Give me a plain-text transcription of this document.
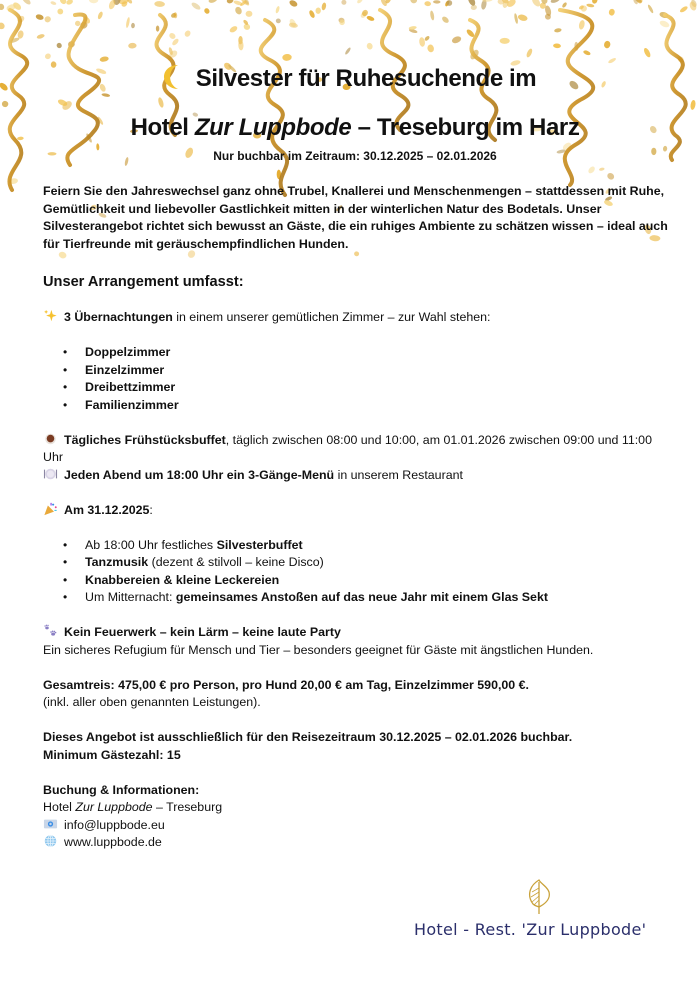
Silvester für Ruhesuchende im
Hotel Zur Luppbode – Treseburg im Harz
Nur buchbar im Zeitraum: 30.12.2025 – 02.01.2026

Feiern Sie den Jahreswechsel ganz ohne Trubel, Knallerei und Menschenmengen – stattdessen mit Ruhe, Gemütlichkeit und liebevoller Gastlichkeit mitten in der winterlichen Natur des Bodetals. Unser Silvesterangebot richtet sich bewusst an Gäste, die ein ruhiges Ambiente zu schätzen wissen – ideal auch für Tierfreunde mit geräuschempfindlichen Hunden.

Unser Arrangement umfasst:

3 Übernachtungen in einem unserer gemütlichen Zimmer – zur Wahl stehen:

• Doppelzimmer
• Einzelzimmer
• Dreibettzimmer
• Familienzimmer

Tägliches Frühstücksbuffet, täglich zwischen 08:00 und 10:00, am 01.01.2026 zwischen 09:00 und 11:00 Uhr

Jeden Abend um 18:00 Uhr ein 3-Gänge-Menü in unserem Restaurant

Am 31.12.2025:

• Ab 18:00 Uhr festliches Silvesterbuffet
• Tanzmusik (dezent & stilvoll – keine Disco)
• Knabbereien & kleine Leckereien
• Um Mitternacht: gemeinsames Anstoßen auf das neue Jahr mit einem Glas Sekt

Kein Feuerwerk – kein Lärm – keine laute Party

Ein sicheres Refugium für Mensch und Tier – besonders geeignet für Gäste mit ängstlichen Hunden.

Gesamtreis: 475,00 € pro Person, pro Hund 20,00 € am Tag, Einzelzimmer 590,00 €.

(inkl. aller oben genannten Leistungen).

Dieses Angebot ist ausschließlich für den Reisezeitraum 30.12.2025 – 02.01.2026 buchbar.

Minimum Gästezahl: 15

Buchung & Informationen:

Hotel Zur Luppbode – Treseburg

info@luppbode.eu

www.luppbode.de

Hotel - Rest. 'Zur Luppbode'
